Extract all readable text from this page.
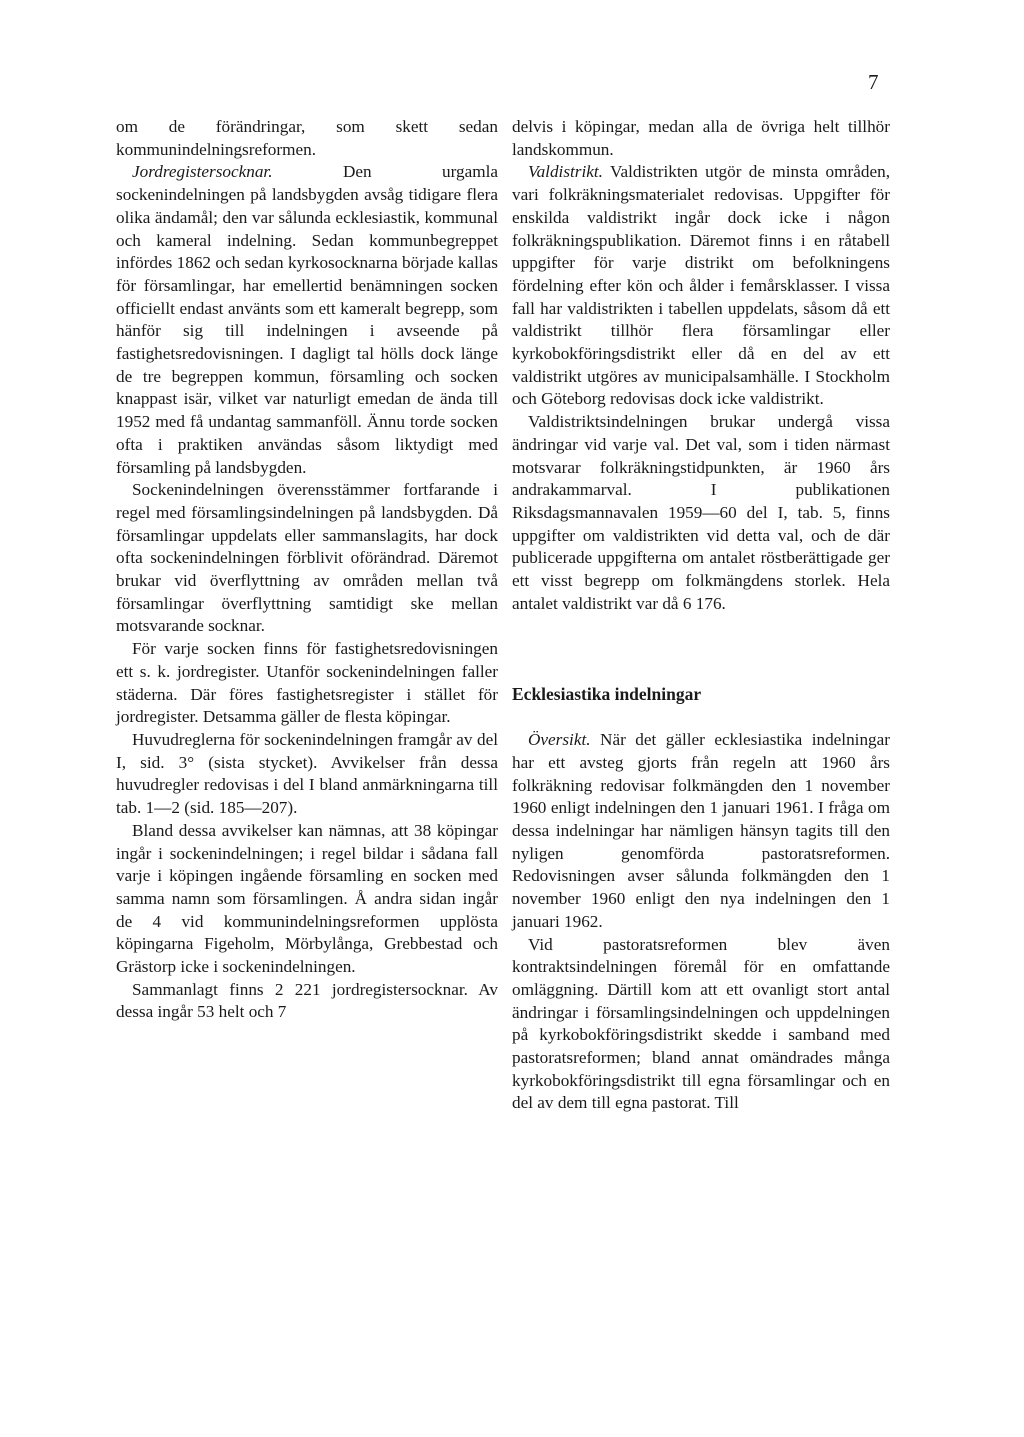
7

om de förändringar, som skett sedan kommunindelningsreformen.

Jordregistersocknar. Den urgamla sockenindelningen på landsbygden avsåg tidigare flera olika ändamål; den var sålunda ecklesiastik, kommunal och kameral indelning. Sedan kommunbegreppet infördes 1862 och sedan kyrkosocknarna började kallas för församlingar, har emellertid benämningen socken officiellt endast använts som ett kameralt begrepp, som hänför sig till indelningen i avseende på fastighetsredovisningen. I dagligt tal hölls dock länge de tre begreppen kommun, församling och socken knappast isär, vilket var naturligt emedan de ända till 1952 med få undantag sammanföll. Ännu torde socken ofta i praktiken användas såsom liktydigt med församling på landsbygden.

Sockenindelningen överensstämmer fortfarande i regel med församlingsindelningen på landsbygden. Då församlingar uppdelats eller sammanslagits, har dock ofta sockenindelningen förblivit oförändrad. Däremot brukar vid överflyttning av områden mellan två församlingar överflyttning samtidigt ske mellan motsvarande socknar.

För varje socken finns för fastighetsredovisningen ett s. k. jordregister. Utanför sockenindelningen faller städerna. Där föres fastighetsregister i stället för jordregister. Detsamma gäller de flesta köpingar.

Huvudreglerna för sockenindelningen framgår av del I, sid. 3° (sista stycket). Avvikelser från dessa huvudregler redovisas i del I bland anmärkningarna till tab. 1—2 (sid. 185—207).

Bland dessa avvikelser kan nämnas, att 38 köpingar ingår i sockenindelningen; i regel bildar i sådana fall varje i köpingen ingående församling en socken med samma namn som församlingen. Å andra sidan ingår de 4 vid kommunindelningsreformen upplösta köpingarna Figeholm, Mörbylånga, Grebbestad och Grästorp icke i sockenindelningen.

Sammanlagt finns 2 221 jordregistersocknar. Av dessa ingår 53 helt och 7

delvis i köpingar, medan alla de övriga helt tillhör landskommun.

Valdistrikt. Valdistrikten utgör de minsta områden, vari folkräkningsmaterialet redovisas. Uppgifter för enskilda valdistrikt ingår dock icke i någon folkräkningspublikation. Däremot finns i en råtabell uppgifter för varje distrikt om befolkningens fördelning efter kön och ålder i femårsklasser. I vissa fall har valdistrikten i tabellen uppdelats, såsom då ett valdistrikt tillhör flera församlingar eller kyrkobokföringsdistrikt eller då en del av ett valdistrikt utgöres av municipalsamhälle. I Stockholm och Göteborg redovisas dock icke valdistrikt.

Valdistriktsindelningen brukar undergå vissa ändringar vid varje val. Det val, som i tiden närmast motsvarar folkräkningstidpunkten, är 1960 års andrakammarval. I publikationen Riksdagsmannavalen 1959—60 del I, tab. 5, finns uppgifter om valdistrikten vid detta val, och de där publicerade uppgifterna om antalet röstberättigade ger ett visst begrepp om folkmängdens storlek. Hela antalet valdistrikt var då 6 176.

Ecklesiastika indelningar

Översikt. När det gäller ecklesiastika indelningar har ett avsteg gjorts från regeln att 1960 års folkräkning redovisar folkmängden den 1 november 1960 enligt indelningen den 1 januari 1961. I fråga om dessa indelningar har nämligen hänsyn tagits till den nyligen genomförda pastoratsreformen. Redovisningen avser sålunda folkmängden den 1 november 1960 enligt den nya indelningen den 1 januari 1962.

Vid pastoratsreformen blev även kontraktsindelningen föremål för en omfattande omläggning. Därtill kom att ett ovanligt stort antal ändringar i församlingsindelningen och uppdelningen på kyrkobokföringsdistrikt skedde i samband med pastoratsreformen; bland annat omändrades många kyrkobokföringsdistrikt till egna församlingar och en del av dem till egna pastorat. Till
